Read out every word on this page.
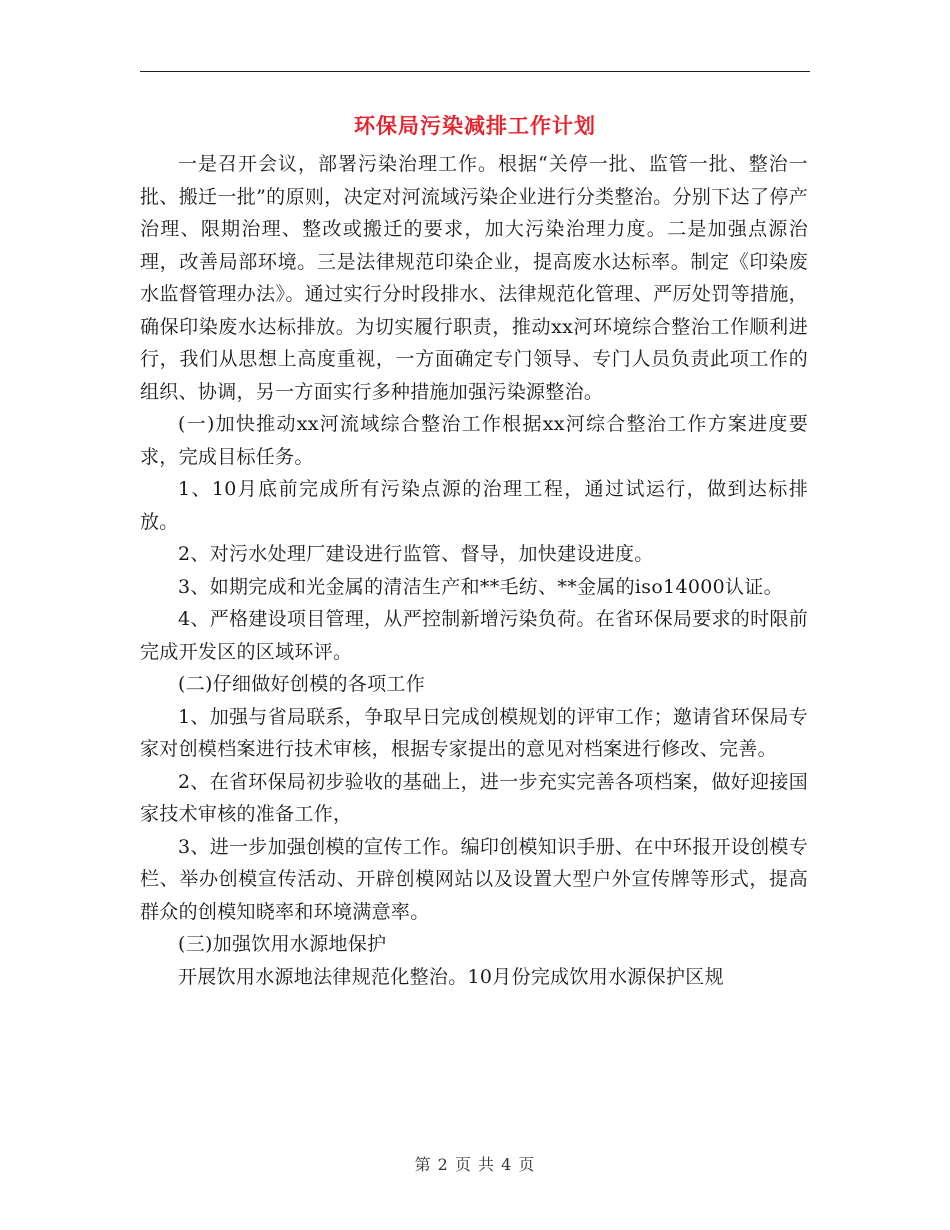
环保局污染减排工作计划

一是召开会议，部署污染治理工作。根据“关停一批、监管一批、整治一批、搬迁一批”的原则，决定对河流域污染企业进行分类整治。分别下达了停产治理、限期治理、整改或搬迁的要求，加大污染治理力度。二是加强点源治理，改善局部环境。三是法律规范印染企业，提高废水达标率。制定《印染废水监督管理办法》。通过实行分时段排水、法律规范化管理、严厉处罚等措施，确保印染废水达标排放。为切实履行职责，推动xx河环境综合整治工作顺利进行，我们从思想上高度重视，一方面确定专门领导、专门人员负责此项工作的组织、协调，另一方面实行多种措施加强污染源整治。

(一)加快推动xx河流域综合整治工作根据xx河综合整治工作方案进度要求，完成目标任务。

1、10月底前完成所有污染点源的治理工程，通过试运行，做到达标排放。

2、对污水处理厂建设进行监管、督导，加快建设进度。

3、如期完成和光金属的清洁生产和**毛纺、**金属的iso14000认证。

4、严格建设项目管理，从严控制新增污染负荷。在省环保局要求的时限前完成开发区的区域环评。

(二)仔细做好创模的各项工作

1、加强与省局联系，争取早日完成创模规划的评审工作；邀请省环保局专家对创模档案进行技术审核，根据专家提出的意见对档案进行修改、完善。

2、在省环保局初步验收的基础上，进一步充实完善各项档案，做好迎接国家技术审核的准备工作，

3、进一步加强创模的宣传工作。编印创模知识手册、在中环报开设创模专栏、举办创模宣传活动、开辟创模网站以及设置大型户外宣传牌等形式，提高群众的创模知晓率和环境满意率。

(三)加强饮用水源地保护

开展饮用水源地法律规范化整治。10月份完成饮用水源保护区规

第 2 页 共 4 页
